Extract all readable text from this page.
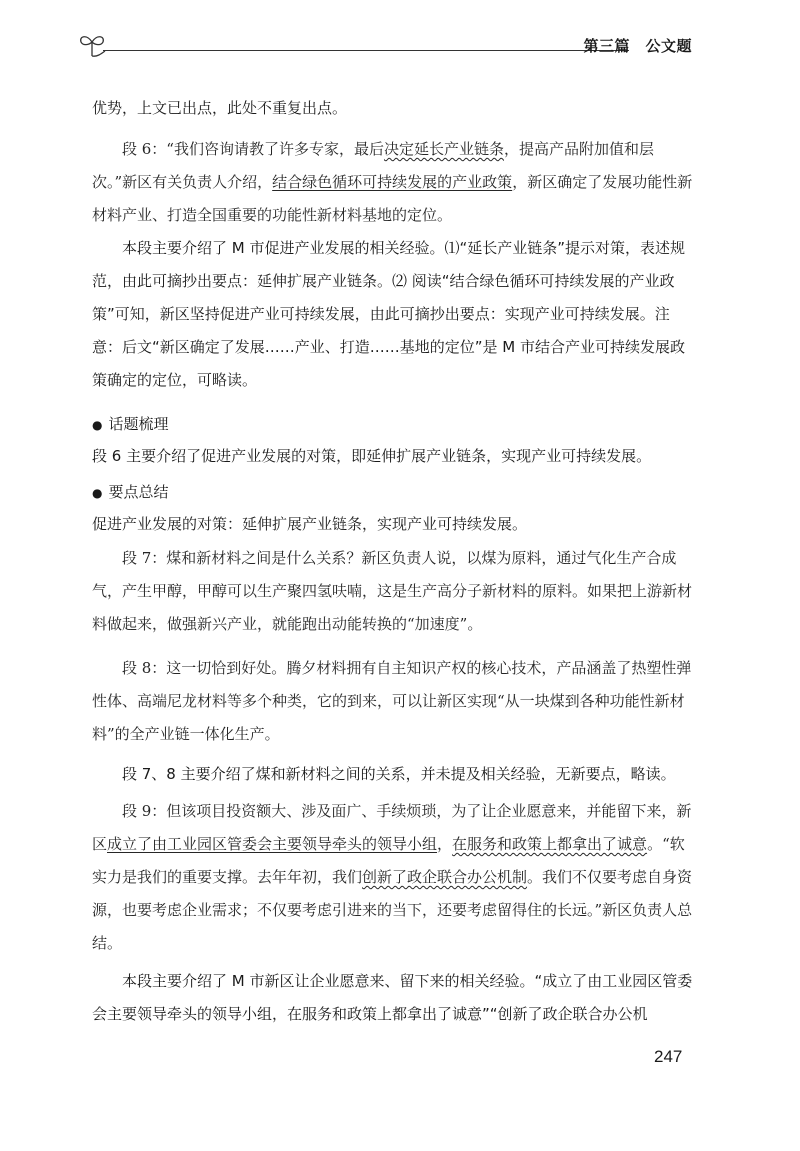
第三篇　公文题
优势，上文已出点，此处不重复出点。
段 6：“我们咨询请教了许多专家，最后决定延长产业链条，提高产品附加值和层次。”新区有关负责人介绍，结合绿色循环可持续发展的产业政策，新区确定了发展功能性新材料产业、打造全国重要的功能性新材料基地的定位。
本段主要介绍了 M 市促进产业发展的相关经验。⑴“延长产业链条”提示对策，表述规范，由此可摘抄出要点：延伸扩展产业链条。⑵ 阅读“结合绿色循环可持续发展的产业政策”可知，新区坚持促进产业可持续发展，由此可摘抄出要点：实现产业可持续发展。注意：后文“新区确定了发展……产业、打造……基地的定位”是 M 市结合产业可持续发展政策确定的定位，可略读。
● 话题梳理
段 6 主要介绍了促进产业发展的对策，即延伸扩展产业链条，实现产业可持续发展。
● 要点总结
促进产业发展的对策：延伸扩展产业链条，实现产业可持续发展。
段 7：煤和新材料之间是什么关系？新区负责人说，以煤为原料，通过气化生产合成气，产生甲醇，甲醇可以生产聚四氢呋喃，这是生产高分子新材料的原料。如果把上游新材料做起来，做强新兴产业，就能跑出动能转换的“加速度”。
段 8：这一切恰到好处。腾夕材料拥有自主知识产权的核心技术，产品涵盖了热塑性弹性体、高端尼龙材料等多个种类，它的到来，可以让新区实现“从一块煤到各种功能性新材料”的全产业链一体化生产。
段 7、8 主要介绍了煤和新材料之间的关系，并未提及相关经验，无新要点，略读。
段 9：但该项目投资额大、涉及面广、手续烦琐，为了让企业愿意来，并能留下来，新区成立了由工业园区管委会主要领导牵头的领导小组，在服务和政策上都拿出了诚意。“软实力是我们的重要支撑。去年年初，我们创新了政企联合办公机制。我们不仅要考虑自身资源，也要考虑企业需求；不仅要考虑引进来的当下，还要考虑留得住的长远。”新区负责人总结。
本段主要介绍了 M 市新区让企业愿意来、留下来的相关经验。“成立了由工业园区管委会主要领导牵头的领导小组，在服务和政策上都拿出了诚意”“创新了政企联合办公机
247
